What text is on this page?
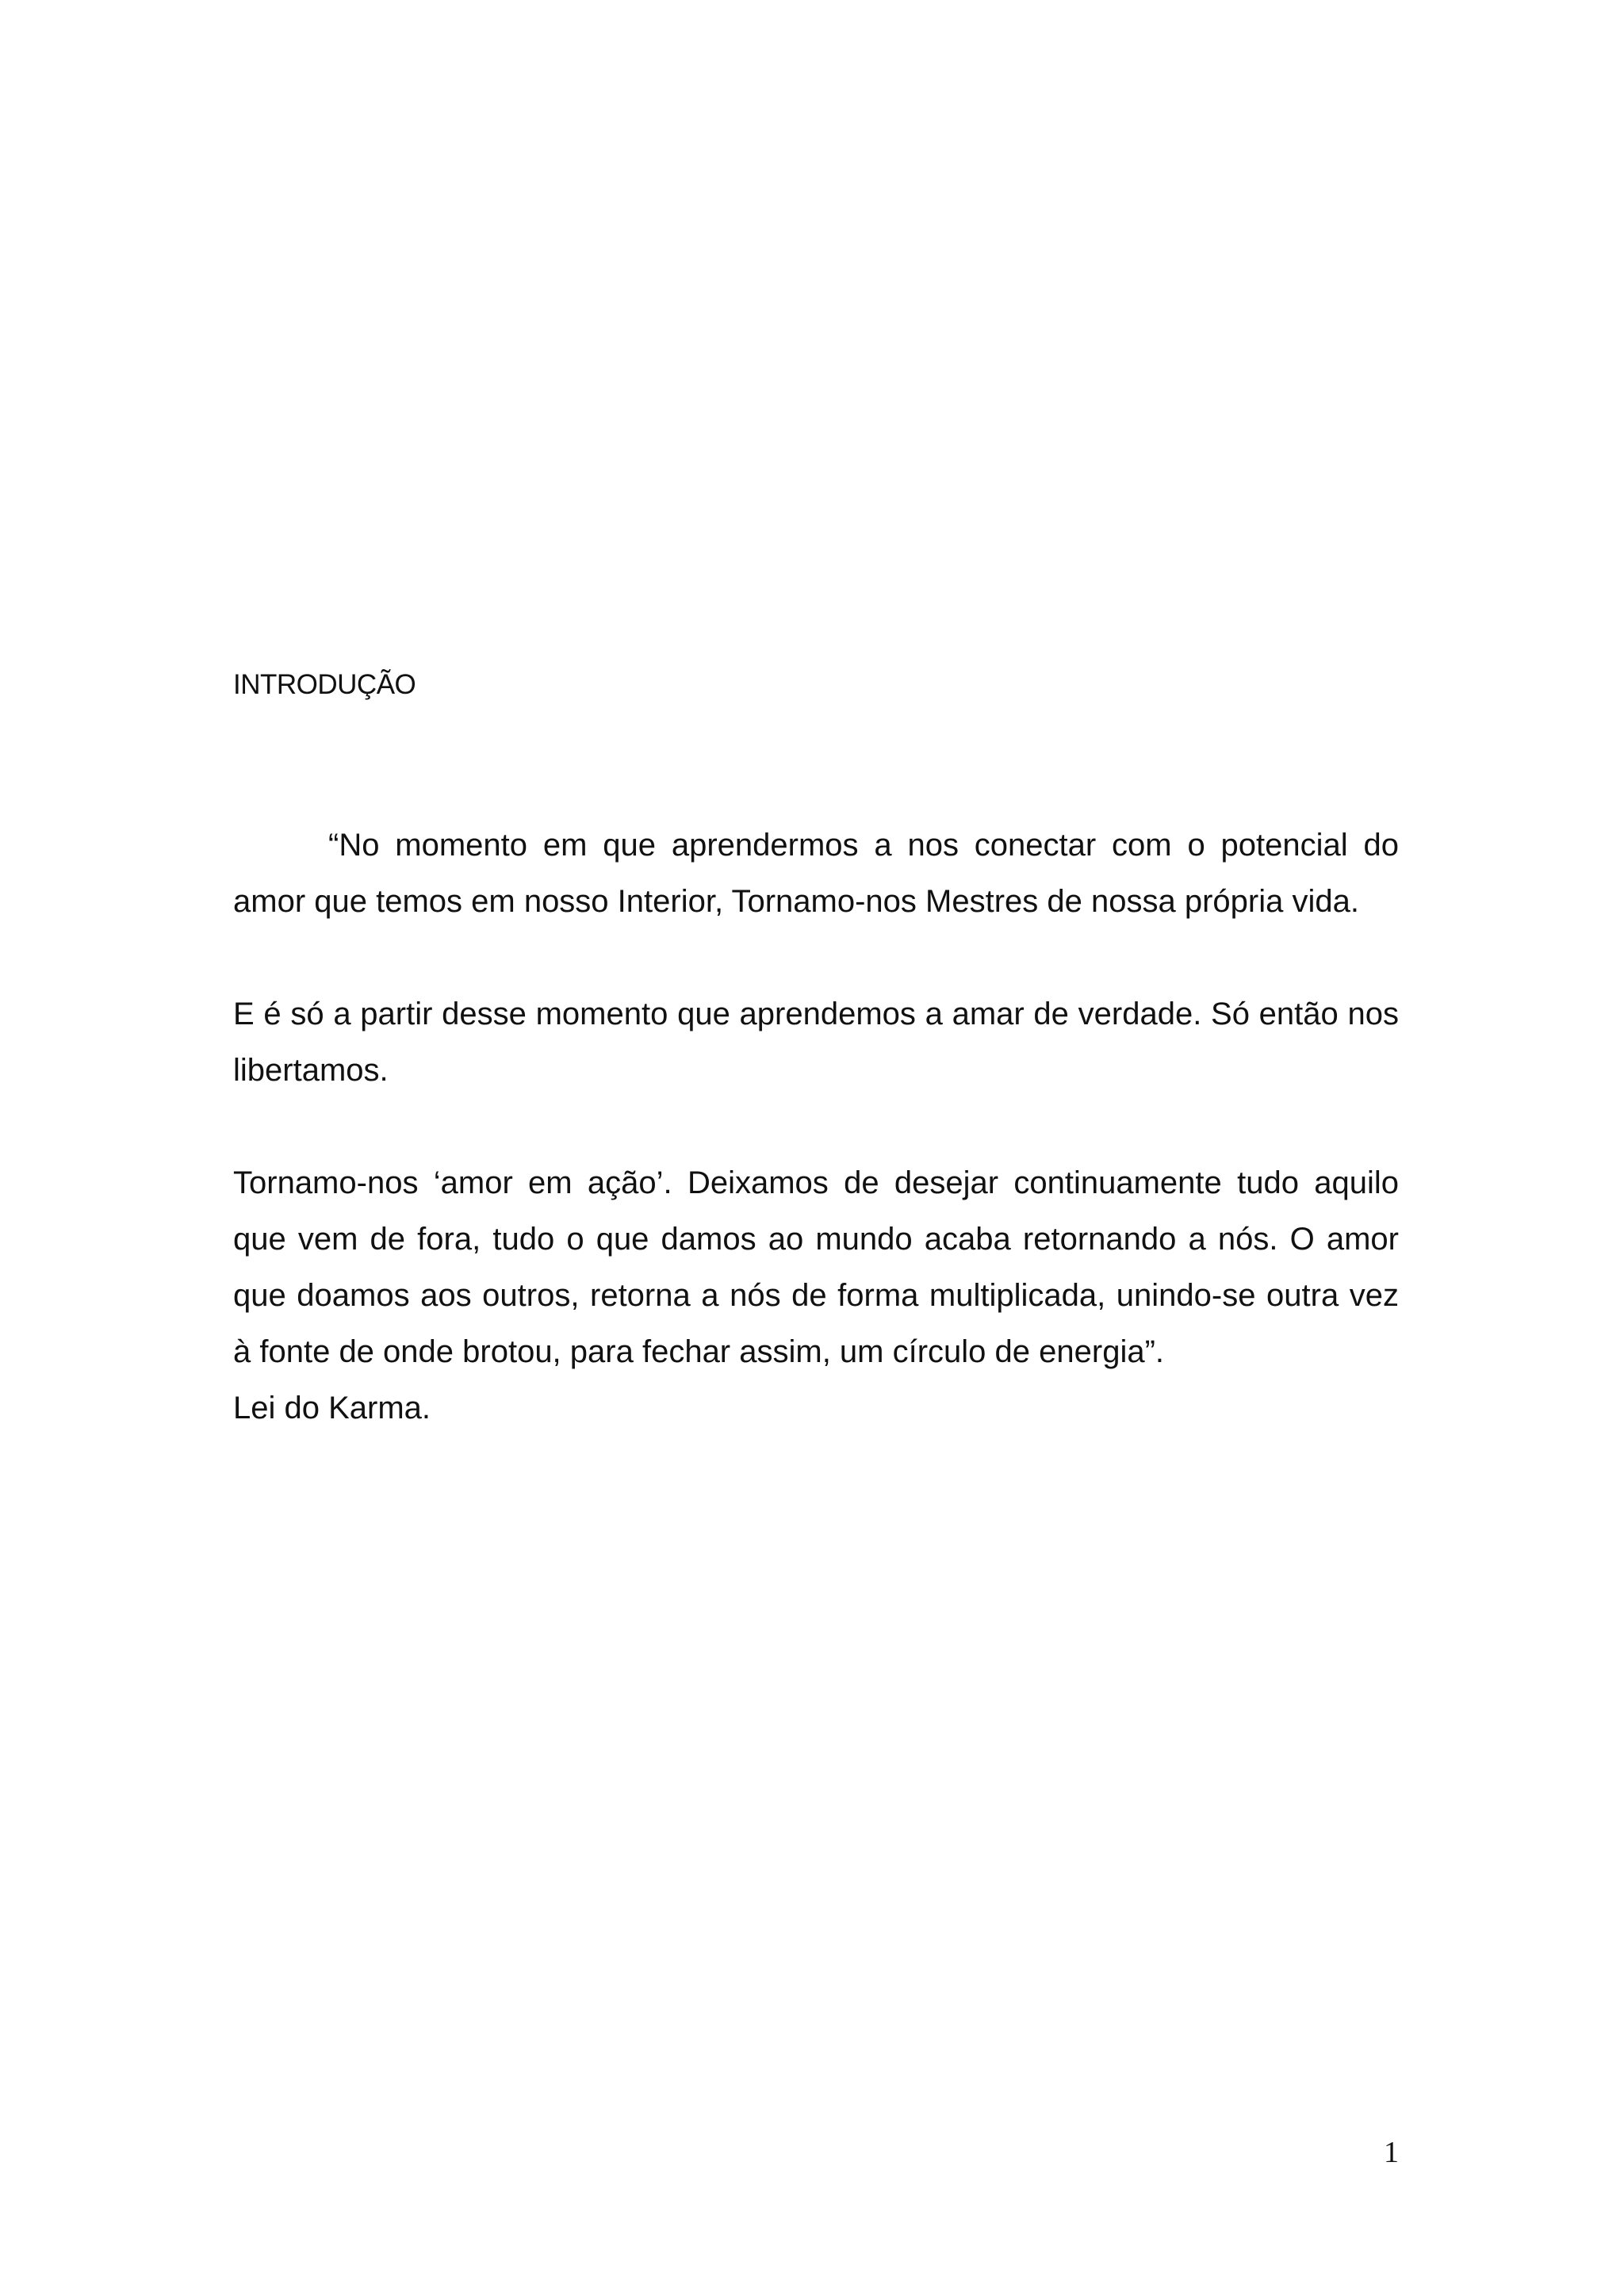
INTRODUÇÃO

“No momento em que aprendermos a nos conectar com o potencial do amor que temos em nosso Interior, Tornamo-nos Mestres de nossa própria vida.

E é só a partir desse momento que aprendemos a amar de verdade. Só então nos libertamos.

Tornamo-nos ‘amor em ação’. Deixamos de desejar continuamente tudo aquilo que vem de fora, tudo o que damos ao mundo acaba retornando a nós. O amor que doamos aos outros, retorna a nós de forma multiplicada, unindo-se outra vez à fonte de onde brotou, para fechar assim, um círculo de energia”.

Lei do Karma.

1
